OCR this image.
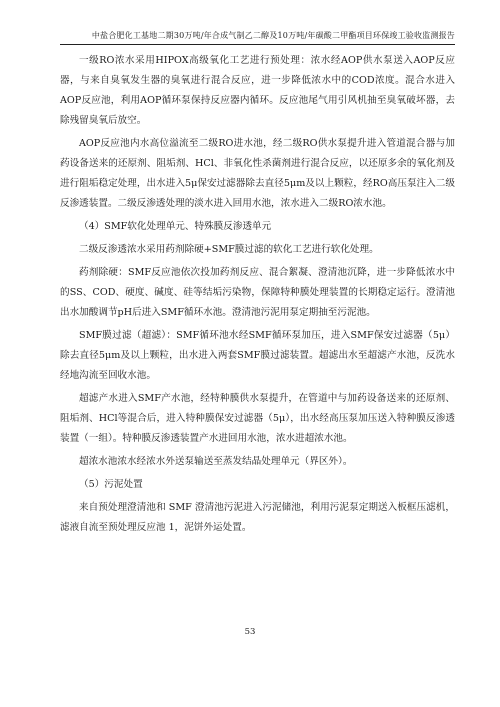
中盐合肥化工基地二期30万吨/年合成气制乙二醇及10万吨/年碳酸二甲酯项目环保竣工验收监测报告

一级RO浓水采用HIPOX高级氧化工艺进行预处理：浓水经AOP供水泵送入AOP反应器，与来自臭氧发生器的臭氧进行混合反应，进一步降低浓水中的COD浓度。混合水进入AOP反应池，利用AOP循环泵保持反应器内循环。反应池尾气用引风机抽至臭氧破坏器，去除残留臭氧后放空。

AOP反应池内水高位溢流至二级RO进水池，经二级RO供水泵提升进入管道混合器与加药设备送来的还原剂、阻垢剂、HCl、非氧化性杀菌剂进行混合反应，以还原多余的氧化剂及进行阻垢稳定处理，出水进入5μ保安过滤器除去直径5μm及以上颗粒，经RO高压泵注入二级反渗透装置。二级反渗透处理的淡水进入回用水池，浓水进入二级RO浓水池。

（4）SMF软化处理单元、特殊膜反渗透单元

二级反渗透浓水采用药剂除硬+SMF膜过滤的软化工艺进行软化处理。

药剂除硬：SMF反应池依次投加药剂反应、混合絮凝、澄清池沉降，进一步降低浓水中的SS、COD、硬度、碱度、硅等结垢污染物，保障特种膜处理装置的长期稳定运行。澄清池出水加酸调节pH后进入SMF循环水池。澄清池污泥用泵定期抽至污泥池。

SMF膜过滤（超滤）：SMF循环池水经SMF循环泵加压，进入SMF保安过滤器（5μ）除去直径5μm及以上颗粒，出水进入两套SMF膜过滤装置。超滤出水至超滤产水池，反洗水经地沟流至回收水池。

超滤产水进入SMF产水池，经特种膜供水泵提升，在管道中与加药设备送来的还原剂、阻垢剂、HCl等混合后，进入特种膜保安过滤器（5μ），出水经高压泵加压送入特种膜反渗透装置（一组）。特种膜反渗透装置产水进回用水池，浓水进超浓水池。

超浓水池浓水经浓水外送泵输送至蒸发结晶处理单元（界区外）。

（5）污泥处置

来自预处理澄清池和 SMF 澄清池污泥进入污泥储池，利用污泥泵定期送入板框压滤机，滤液自流至预处理反应池 1，泥饼外运处置。

53
